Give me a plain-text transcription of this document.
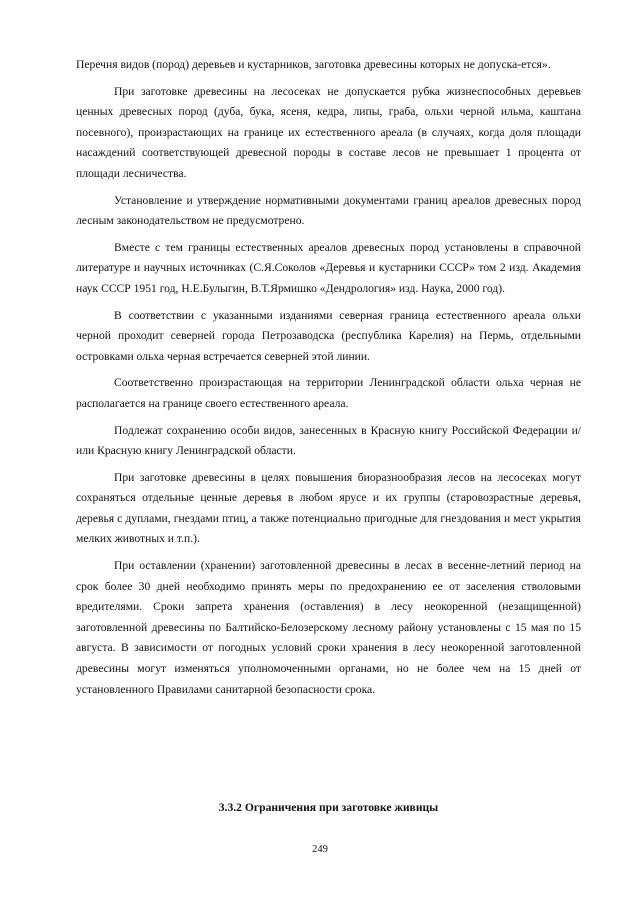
Перечня видов (пород) деревьев и кустарников, заготовка древесины которых не допуска-ется».

При заготовке древесины на лесосеках не допускается рубка жизнеспособных деревьев ценных древесных пород (дуба, бука, ясеня, кедра, липы, граба, ольхи черной ильма, каштана посевного), произрастающих на границе их естественного ареала (в случаях, когда доля площади насаждений соответствующей древесной породы в составе лесов не превышает 1 процента от площади лесничества.

Установление и утверждение нормативными документами границ ареалов древесных пород лесным законодательством не предусмотрено.

Вместе с тем границы естественных ареалов древесных пород установлены в справочной литературе и научных источниках (С.Я.Соколов «Деревья и кустарники СССР» том 2 изд. Академия наук СССР 1951 год, Н.Е.Булыгин, В.Т.Ярмишко «Дендрология» изд. Наука, 2000 год).

В соответствии с указанными изданиями северная граница естественного ареала ольхи черной проходит северней города Петрозаводска (республика Карелия) на Пермь, отдельными островками ольха черная встречается северней этой линии.

Соответственно произрастающая на территории Ленинградской области ольха черная не располагается на границе своего естественного ареала.

Подлежат сохранению особи видов, занесенных в Красную книгу Российской Федерации и/или Красную книгу Ленинградской области.

При заготовке древесины в целях повышения биоразнообразия лесов на лесосеках могут сохраняться отдельные ценные деревья в любом ярусе и их группы (старовозрастные деревья, деревья с дуплами, гнездами птиц, а также потенциально пригодные для гнездования и мест укрытия мелких животных и т.п.).

При оставлении (хранении) заготовленной древесины в лесах в весенне-летний период на срок более 30 дней необходимо принять меры по предохранению ее от заселения стволовыми вредителями. Сроки запрета хранения (оставления) в лесу неокоренной (незащищенной) заготовленной древесины по Балтийско-Белозерскому лесному району установлены с 15 мая по 15 августа. В зависимости от погодных условий сроки хранения в лесу неокоренной заготовленной древесины могут изменяться уполномоченными органами, но не более чем на 15 дней от установленного Правилами санитарной безопасности срока.

3.3.2 Ограничения при заготовке живицы
249
